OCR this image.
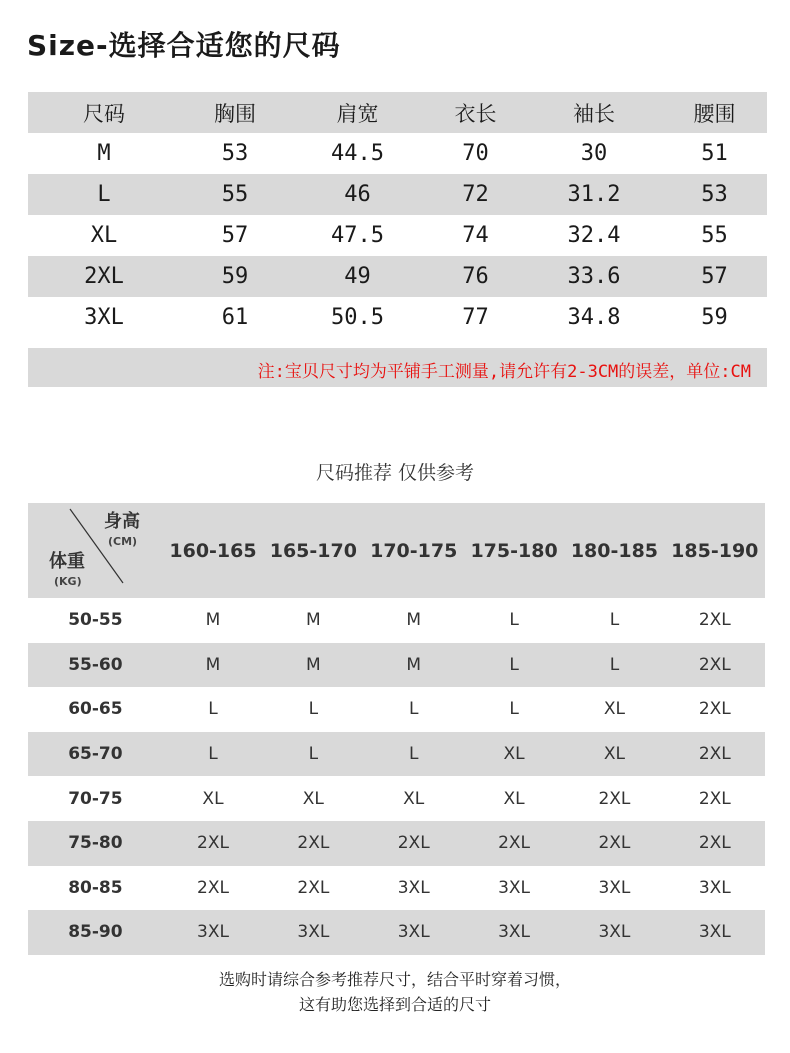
Size-选择合适您的尺码
尺码	胸围	肩宽	衣长	袖长	腰围
M	53	44.5	70	30	51
L	55	46	72	31.2	53
XL	57	47.5	74	32.4	55
2XL	59	49	76	33.6	57
3XL	61	50.5	77	34.8	59
注:宝贝尺寸均为平铺手工测量,请允许有2-3CM的误差，单位:CM
尺码推荐 仅供参考
身高
(CM)
体重
(KG)
160-165 165-170 170-175 175-180 180-185 185-190
50-55	M	M	M	L	L	2XL
55-60	M	M	M	L	L	2XL
60-65	L	L	L	L	XL	2XL
65-70	L	L	L	XL	XL	2XL
70-75	XL	XL	XL	XL	2XL	2XL
75-80	2XL	2XL	2XL	2XL	2XL	2XL
80-85	2XL	2XL	3XL	3XL	3XL	3XL
85-90	3XL	3XL	3XL	3XL	3XL	3XL
选购时请综合参考推荐尺寸，结合平时穿着习惯，
这有助您选择到合适的尺寸
